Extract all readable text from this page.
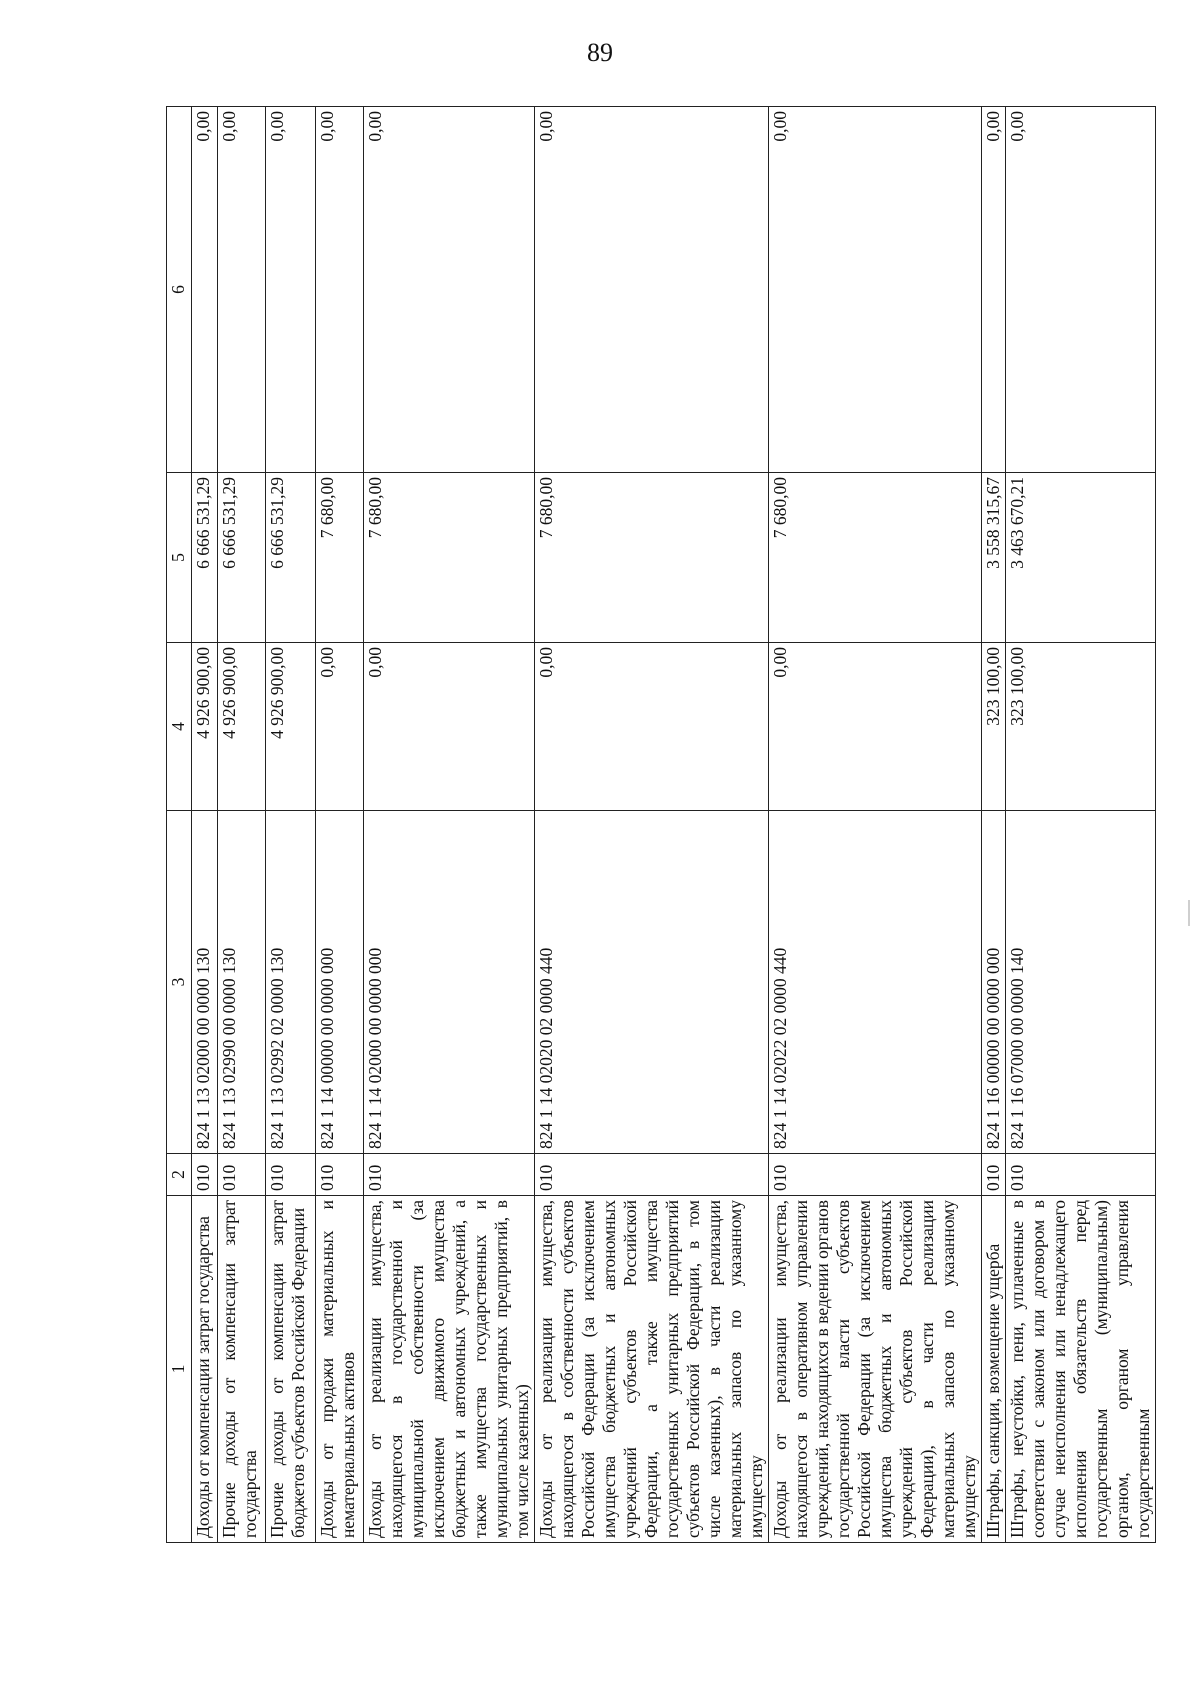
89
1	2	3	4	5	6
Доходы от компенсации затрат государства	010	824 1 13 02000 00 0000 130	4 926 900,00	6 666 531,29	0,00
Прочие доходы от компенсации затрат государства	010	824 1 13 02990 00 0000 130	4 926 900,00	6 666 531,29	0,00
Прочие доходы от компенсации затрат бюджетов субъектов Российской Федерации	010	824 1 13 02992 02 0000 130	4 926 900,00	6 666 531,29	0,00
Доходы от продажи материальных и нематериальных активов	010	824 1 14 00000 00 0000 000	0,00	7 680,00	0,00
Доходы от реализации имущества, находящегося в государственной и муниципальной собственности (за исключением движимого имущества бюджетных и автономных учреждений, а также имущества государственных и муниципальных унитарных предприятий, в том числе казенных)	010	824 1 14 02000 00 0000 000	0,00	7 680,00	0,00
Доходы от реализации имущества, находящегося в собственности субъектов Российской Федерации (за исключением имущества бюджетных и автономных учреждений субъектов Российской Федерации, а также имущества государственных унитарных предприятий субъектов Российской Федерации, в том числе казенных), в части реализации материальных запасов по указанному имуществу	010	824 1 14 02020 02 0000 440	0,00	7 680,00	0,00
Доходы от реализации имущества, находящегося в оперативном управлении учреждений, находящихся в ведении органов государственной власти субъектов Российской Федерации (за исключением имущества бюджетных и автономных учреждений субъектов Российской Федерации), в части реализации материальных запасов по указанному имуществу	010	824 1 14 02022 02 0000 440	0,00	7 680,00	0,00
Штрафы, санкции, возмещение ущерба	010	824 1 16 00000 00 0000 000	323 100,00	3 558 315,67	0,00
Штрафы, неустойки, пени, уплаченные в соответствии с законом или договором в случае неисполнения или ненадлежащего исполнения обязательств перед государственным (муниципальным) органом, органом управления государственным	010	824 1 16 07000 00 0000 140	323 100,00	3 463 670,21	0,00
